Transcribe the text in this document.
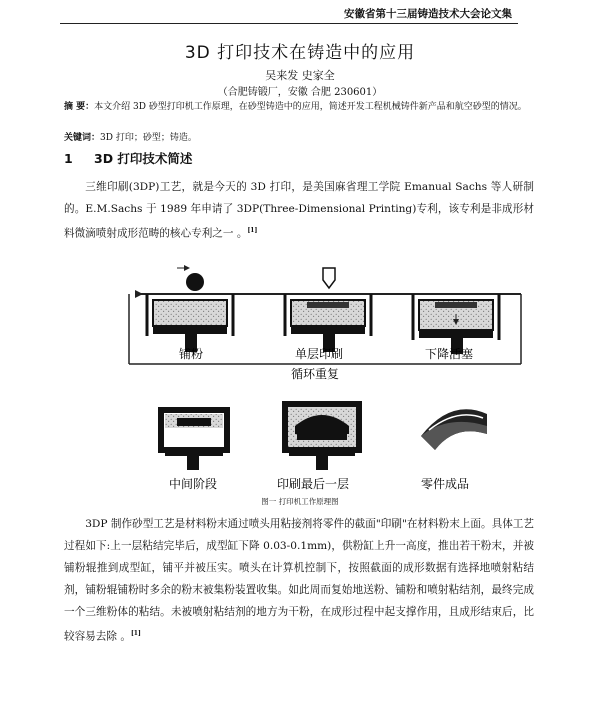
安徽省第十三届铸造技术大会论文集
3D 打印技术在铸造中的应用
吴来发 史家全
（合肥铸锻厂，安徽 合肥 230601）
摘 要：本文介绍 3D 砂型打印机工作原理，在砂型铸造中的应用，简述开发工程机械铸件新产品和航空砂型的情况。
关键词：3D 打印；砂型；铸造。
1 3D 打印技术简述
三维印刷(3DP)工艺，就是今天的 3D 打印，是美国麻省理工学院 Emanual Sachs 等人研制的。E.M.Sachs 于 1989 年申请了 3DP(Three-Dimensional Printing)专利，该专利是非成形材料微滴喷射成形范畴的核心专利之一 。[1]
铺粉	单层印刷	下降活塞
循环重复
中间阶段	印刷最后一层	零件成品
图一 打印机工作原理图
3DP 制作砂型工艺是材料粉末通过喷头用粘接剂将零件的截面"印刷"在材料粉末上面。具体工艺过程如下:上一层粘结完毕后，成型缸下降 0.03-0.1mm)，供粉缸上升一高度，推出若干粉末，并被铺粉辊推到成型缸，铺平并被压实。喷头在计算机控制下，按照截面的成形数据有选择地喷射粘结剂，铺粉辊铺粉时多余的粉末被集粉装置收集。如此周而复始地送粉、铺粉和喷射粘结剂，最终完成一个三维粉体的粘结。未被喷射粘结剂的地方为干粉，在成形过程中起支撑作用，且成形结束后，比较容易去除 。[1]
